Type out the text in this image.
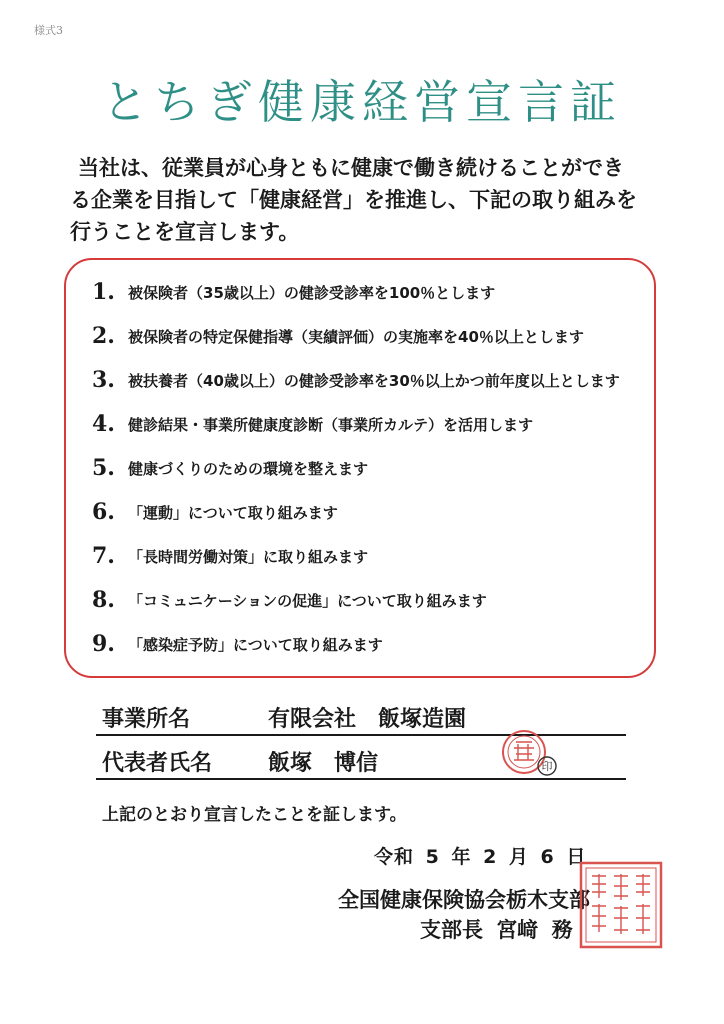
様式3
とちぎ健康経営宣言証
当社は、従業員が心身ともに健康で働き続けることができ
る企業を目指して「健康経営」を推進し、下記の取り組みを
行うことを宣言します。
1. 被保険者（35歳以上）の健診受診率を100％とします
2. 被保険者の特定保健指導（実績評価）の実施率を40％以上とします
3. 被扶養者（40歳以上）の健診受診率を30％以上かつ前年度以上とします
4. 健診結果・事業所健康度診断（事業所カルテ）を活用します
5. 健康づくりのための環境を整えます
6. 「運動」について取り組みます
7. 「長時間労働対策」に取り組みます
8. 「コミュニケーションの促進」について取り組みます
9. 「感染症予防」について取り組みます
事業所名	有限会社　飯塚造園
代表者氏名	飯塚　博信	印
上記のとおり宣言したことを証します。
令和 5 年 2 月 6 日
全国健康保険協会栃木支部
支部長 宮﨑 務
